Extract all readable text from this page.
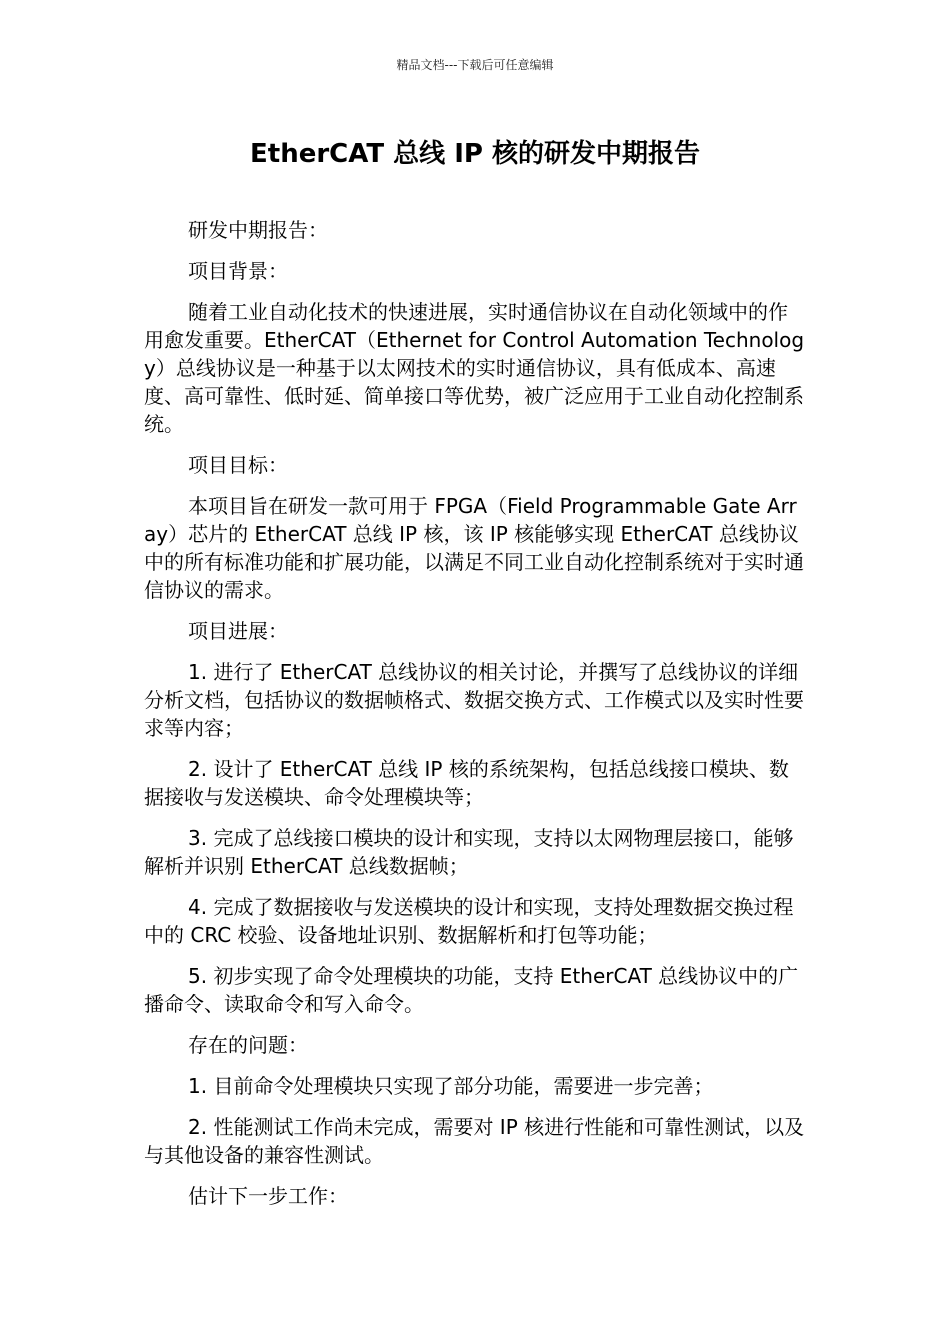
精品文档---下载后可任意编辑
EtherCAT 总线 IP 核的研发中期报告

研发中期报告：

项目背景：

随着工业自动化技术的快速进展，实时通信协议在自动化领域中的作用愈发重要。EtherCAT（Ethernet for Control Automation Technology）总线协议是一种基于以太网技术的实时通信协议，具有低成本、高速度、高可靠性、低时延、简单接口等优势，被广泛应用于工业自动化控制系统。

项目目标：

本项目旨在研发一款可用于 FPGA（Field Programmable Gate Array）芯片的 EtherCAT 总线 IP 核，该 IP 核能够实现 EtherCAT 总线协议中的所有标准功能和扩展功能，以满足不同工业自动化控制系统对于实时通信协议的需求。

项目进展：

1. 进行了 EtherCAT 总线协议的相关讨论，并撰写了总线协议的详细分析文档，包括协议的数据帧格式、数据交换方式、工作模式以及实时性要求等内容；

2. 设计了 EtherCAT 总线 IP 核的系统架构，包括总线接口模块、数据接收与发送模块、命令处理模块等；

3. 完成了总线接口模块的设计和实现，支持以太网物理层接口，能够解析并识别 EtherCAT 总线数据帧；

4. 完成了数据接收与发送模块的设计和实现，支持处理数据交换过程中的 CRC 校验、设备地址识别、数据解析和打包等功能；

5. 初步实现了命令处理模块的功能，支持 EtherCAT 总线协议中的广播命令、读取命令和写入命令。

存在的问题：

1. 目前命令处理模块只实现了部分功能，需要进一步完善；

2. 性能测试工作尚未完成，需要对 IP 核进行性能和可靠性测试，以及与其他设备的兼容性测试。

估计下一步工作：
